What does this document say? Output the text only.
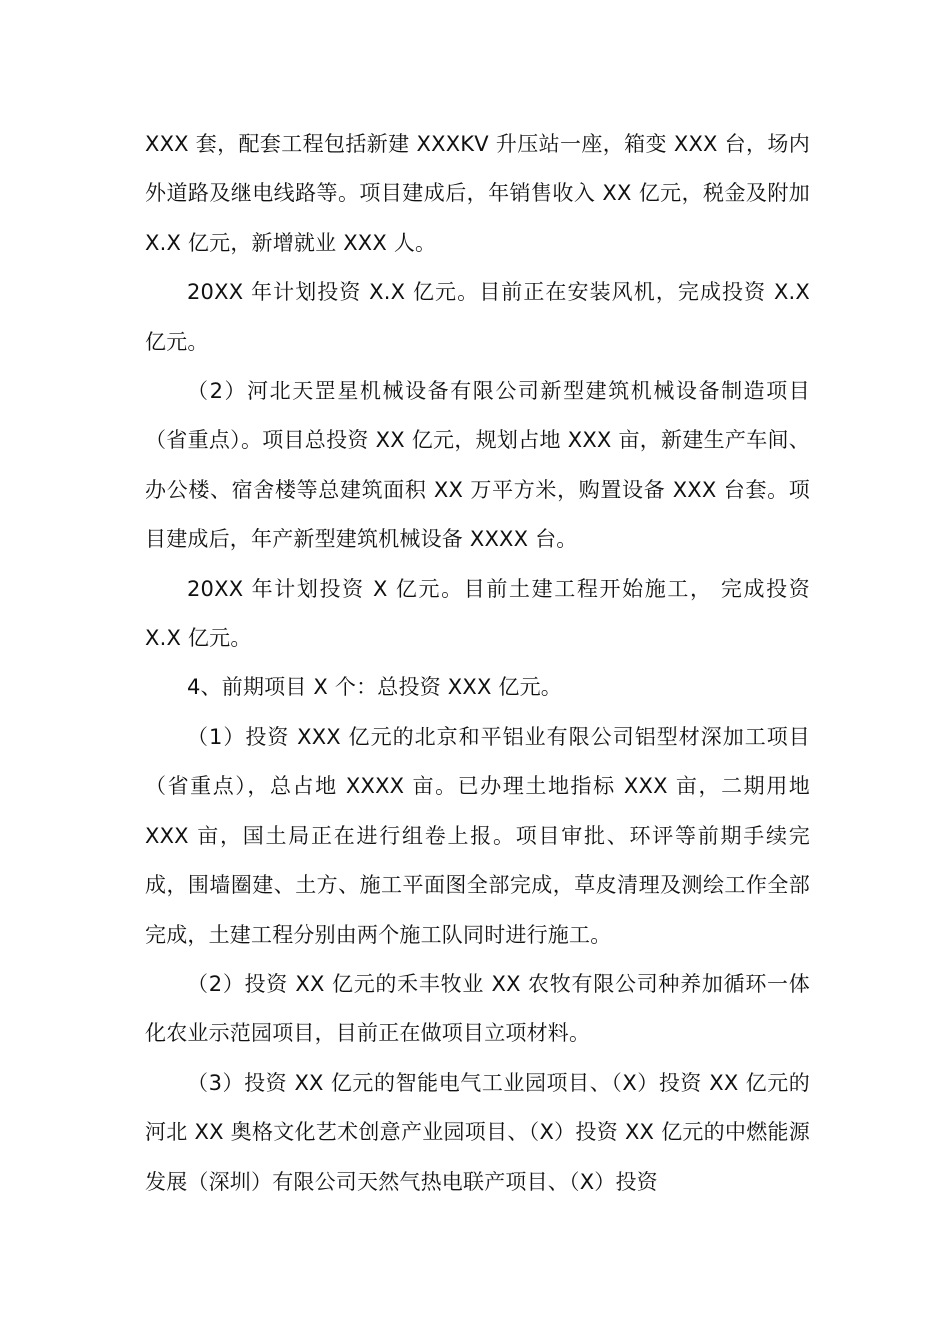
XXX 套，配套工程包括新建 XXXKV 升压站一座，箱变 XXX 台，场内外道路及继电线路等。项目建成后，年销售收入 XX 亿元，税金及附加 X.X 亿元，新增就业 XXX 人。

20XX 年计划投资 X.X 亿元。目前正在安装风机，完成投资 X.X 亿元。

（2）河北天罡星机械设备有限公司新型建筑机械设备制造项目（省重点）。项目总投资 XX 亿元，规划占地 XXX 亩，新建生产车间、办公楼、宿舍楼等总建筑面积 XX 万平方米，购置设备 XXX 台套。项目建成后，年产新型建筑机械设备 XXXX 台。

20XX 年计划投资 X 亿元。目前土建工程开始施工， 完成投资 X.X 亿元。

4、前期项目 X 个：总投资 XXX 亿元。

（1）投资 XXX 亿元的北京和平铝业有限公司铝型材深加工项目（省重点），总占地 XXXX 亩。已办理土地指标 XXX 亩，二期用地 XXX 亩，国土局正在进行组卷上报。项目审批、环评等前期手续完成，围墙圈建、土方、施工平面图全部完成，草皮清理及测绘工作全部完成，土建工程分别由两个施工队同时进行施工。

（2）投资 XX 亿元的禾丰牧业 XX 农牧有限公司种养加循环一体化农业示范园项目，目前正在做项目立项材料。

（3）投资 XX 亿元的智能电气工业园项目、（X）投资 XX 亿元的河北 XX 奥格文化艺术创意产业园项目、（X）投资 XX 亿元的中燃能源发展（深圳）有限公司天然气热电联产项目、（X）投资
